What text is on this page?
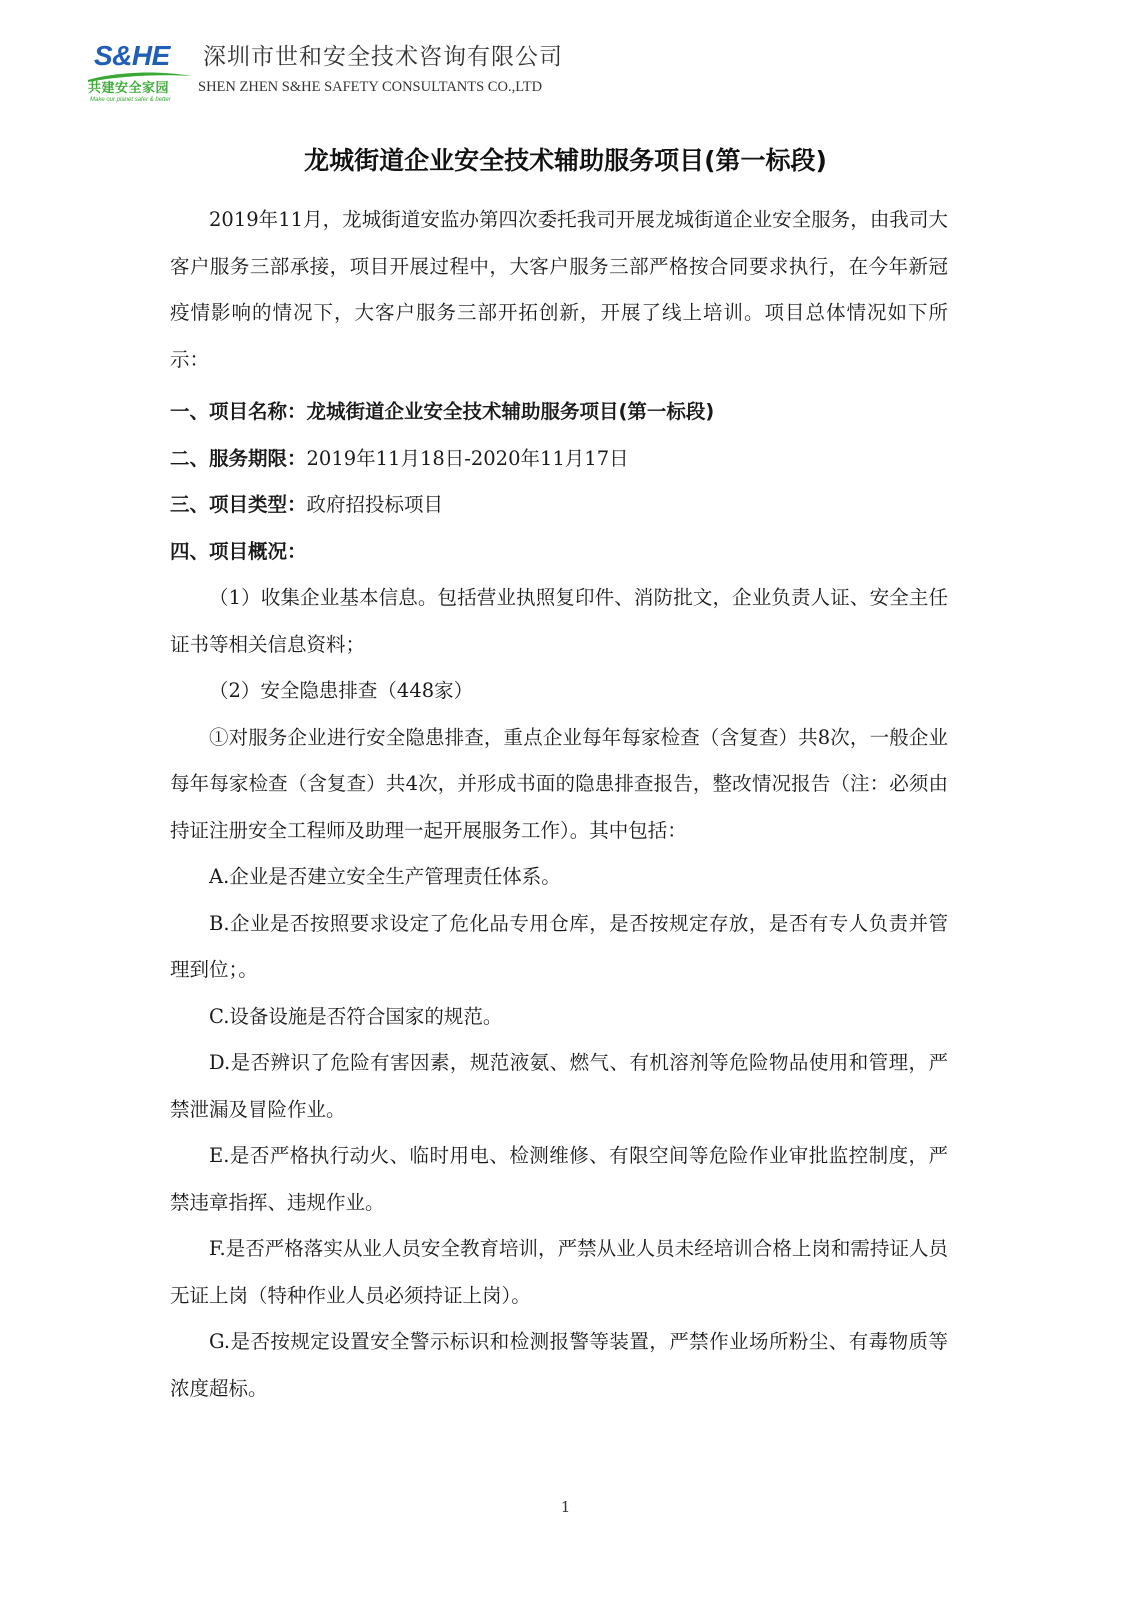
S&HE
共建安全家园
Make our planet safer & better
深圳市世和安全技术咨询有限公司
SHEN ZHEN S&HE SAFETY CONSULTANTS CO.,LTD
龙城街道企业安全技术辅助服务项目(第一标段)

2019年11月，龙城街道安监办第四次委托我司开展龙城街道企业安全服务，由我司大客户服务三部承接，项目开展过程中，大客户服务三部严格按合同要求执行，在今年新冠疫情影响的情况下，大客户服务三部开拓创新，开展了线上培训。项目总体情况如下所示：

一、项目名称：龙城街道企业安全技术辅助服务项目(第一标段)

二、服务期限：2019年11月18日-2020年11月17日

三、项目类型：政府招投标项目

四、项目概况：

（1）收集企业基本信息。包括营业执照复印件、消防批文，企业负责人证、安全主任证书等相关信息资料；

（2）安全隐患排查（448家）

①对服务企业进行安全隐患排查，重点企业每年每家检查（含复查）共8次，一般企业每年每家检查（含复查）共4次，并形成书面的隐患排查报告，整改情况报告（注：必须由持证注册安全工程师及助理一起开展服务工作）。其中包括：

A.企业是否建立安全生产管理责任体系。

B.企业是否按照要求设定了危化品专用仓库，是否按规定存放，是否有专人负责并管理到位；。

C.设备设施是否符合国家的规范。

D.是否辨识了危险有害因素，规范液氨、燃气、有机溶剂等危险物品使用和管理，严禁泄漏及冒险作业。

E.是否严格执行动火、临时用电、检测维修、有限空间等危险作业审批监控制度，严禁违章指挥、违规作业。

F.是否严格落实从业人员安全教育培训，严禁从业人员未经培训合格上岗和需持证人员无证上岗（特种作业人员必须持证上岗）。

G.是否按规定设置安全警示标识和检测报警等装置，严禁作业场所粉尘、有毒物质等浓度超标。

1
